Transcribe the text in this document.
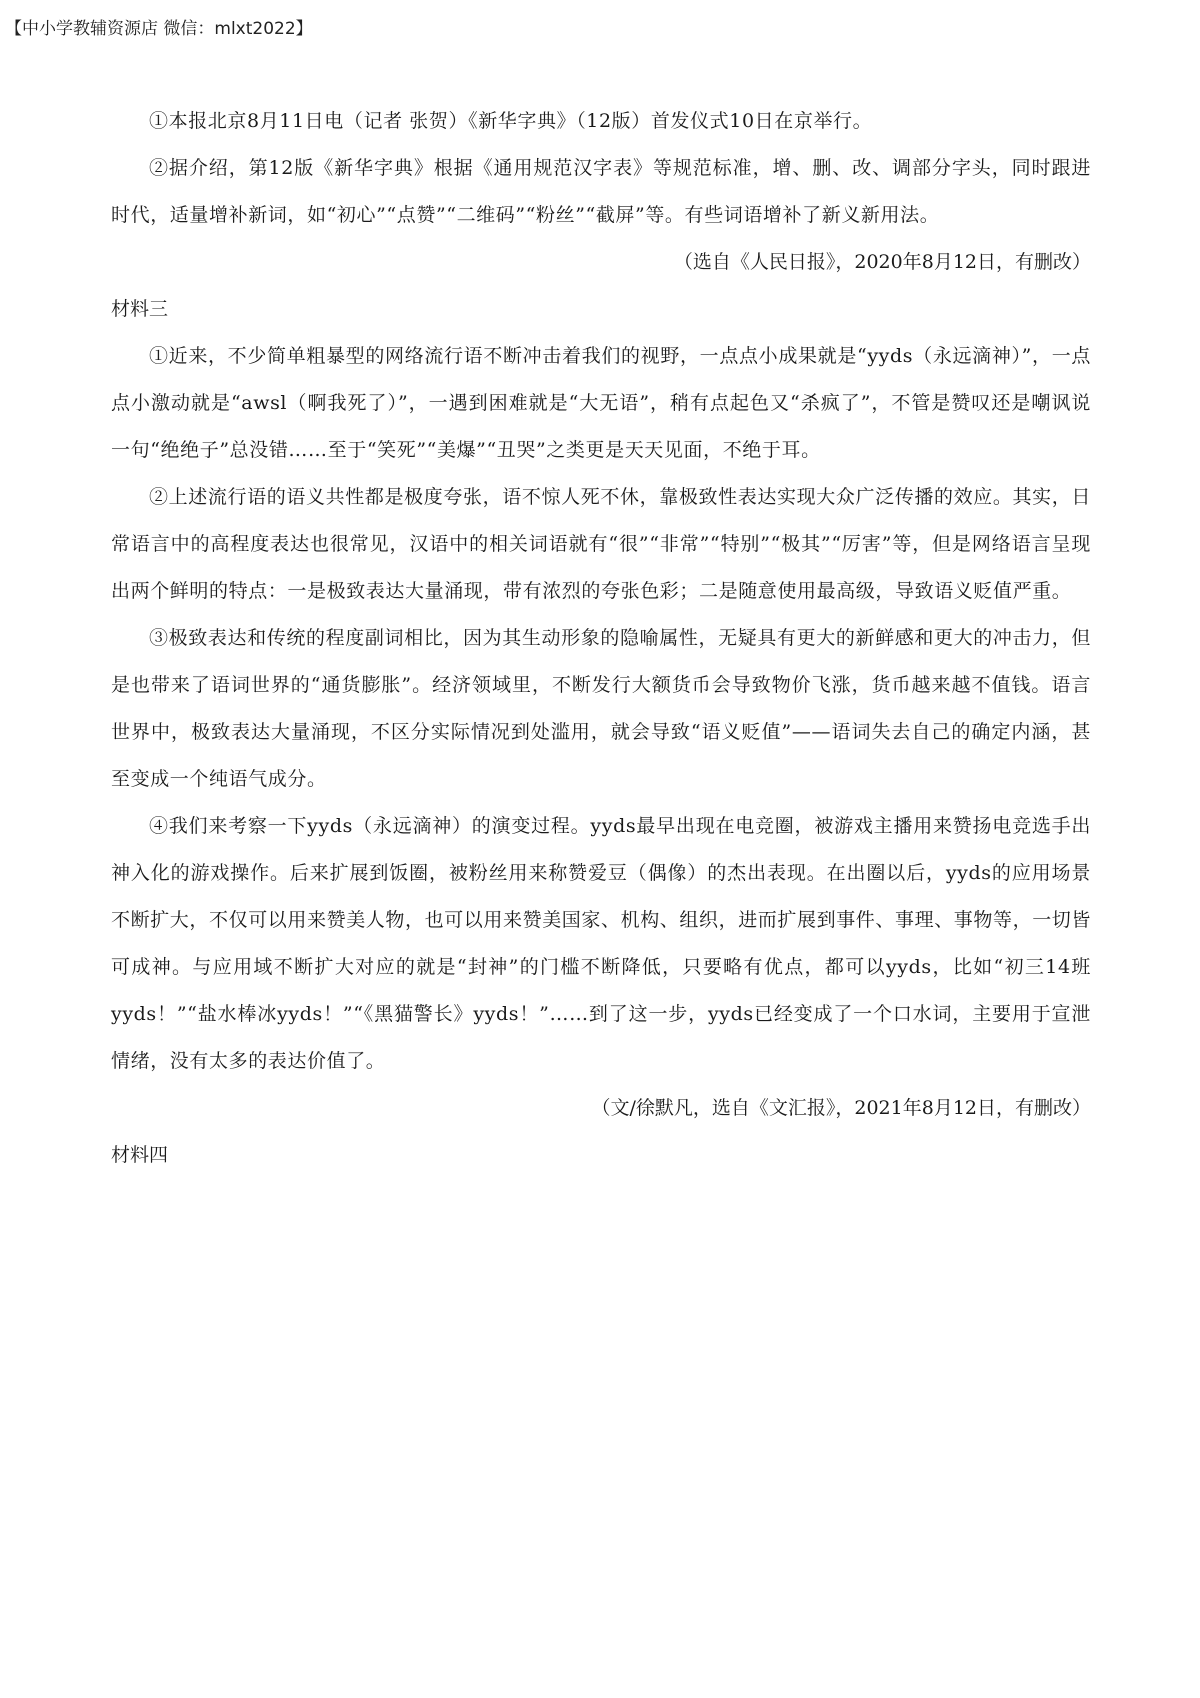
【中小学教辅资源店 微信：mlxt2022】

①本报北京8月11日电（记者 张贺）《新华字典》（12版）首发仪式10日在京举行。

②据介绍，第12版《新华字典》根据《通用规范汉字表》等规范标准，增、删、改、调部分字头，同时跟进时代，适量增补新词，如“初心”“点赞”“二维码”“粉丝”“截屏”等。有些词语增补了新义新用法。

（选自《人民日报》，2020年8月12日，有删改）

材料三

①近来，不少简单粗暴型的网络流行语不断冲击着我们的视野，一点点小成果就是“yyds（永远滴神）”，一点点小激动就是“awsl（啊我死了）”，一遇到困难就是“大无语”，稍有点起色又“杀疯了”，不管是赞叹还是嘲讽说一句“绝绝子”总没错……至于“笑死”“美爆”“丑哭”之类更是天天见面，不绝于耳。

②上述流行语的语义共性都是极度夸张，语不惊人死不休，靠极致性表达实现大众广泛传播的效应。其实，日常语言中的高程度表达也很常见，汉语中的相关词语就有“很”“非常”“特别”“极其”“厉害”等，但是网络语言呈现出两个鲜明的特点：一是极致表达大量涌现，带有浓烈的夸张色彩；二是随意使用最高级，导致语义贬值严重。

③极致表达和传统的程度副词相比，因为其生动形象的隐喻属性，无疑具有更大的新鲜感和更大的冲击力，但是也带来了语词世界的“通货膨胀”。经济领域里，不断发行大额货币会导致物价飞涨，货币越来越不值钱。语言世界中，极致表达大量涌现，不区分实际情况到处滥用，就会导致“语义贬值”——语词失去自己的确定内涵，甚至变成一个纯语气成分。

④我们来考察一下yyds（永远滴神）的演变过程。yyds最早出现在电竞圈，被游戏主播用来赞扬电竞选手出神入化的游戏操作。后来扩展到饭圈，被粉丝用来称赞爱豆（偶像）的杰出表现。在出圈以后，yyds的应用场景不断扩大，不仅可以用来赞美人物，也可以用来赞美国家、机构、组织，进而扩展到事件、事理、事物等，一切皆可成神。与应用域不断扩大对应的就是“封神”的门槛不断降低，只要略有优点，都可以yyds，比如“初三14班yyds！”“盐水棒冰yyds！”“《黑猫警长》yyds！”……到了这一步，yyds已经变成了一个口水词，主要用于宣泄情绪，没有太多的表达价值了。

（文/徐默凡，选自《文汇报》，2021年8月12日，有删改）

材料四
